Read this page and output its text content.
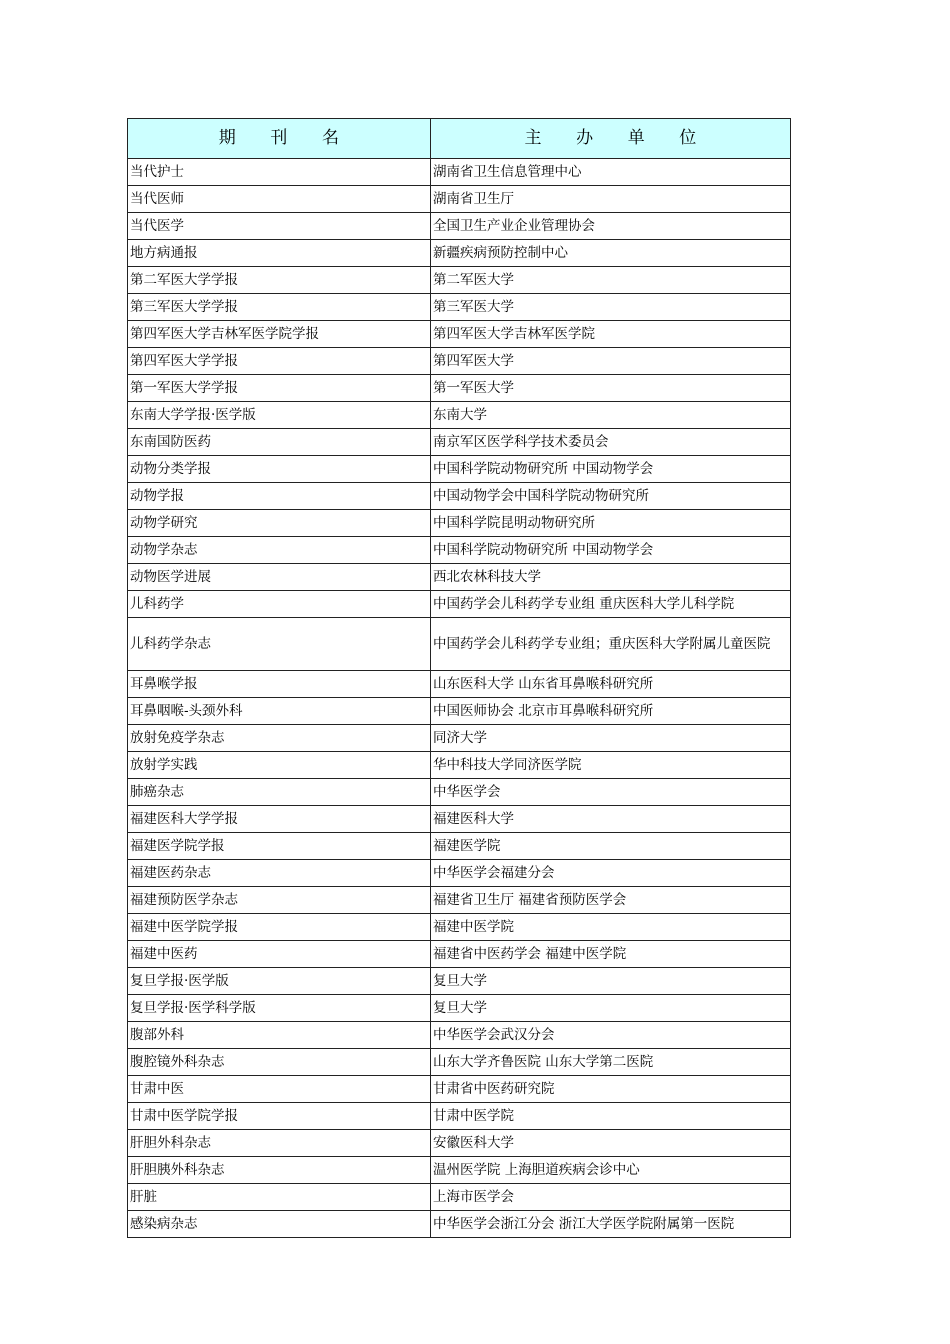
期　　刊　　名	主　　办　　单　　位
当代护士	湖南省卫生信息管理中心
当代医师	湖南省卫生厅
当代医学	全国卫生产业企业管理协会
地方病通报	新疆疾病预防控制中心
第二军医大学学报	第二军医大学
第三军医大学学报	第三军医大学
第四军医大学吉林军医学院学报	第四军医大学吉林军医学院
第四军医大学学报	第四军医大学
第一军医大学学报	第一军医大学
东南大学学报·医学版	东南大学
东南国防医药	南京军区医学科学技术委员会
动物分类学报	中国科学院动物研究所 中国动物学会
动物学报	中国动物学会中国科学院动物研究所
动物学研究	中国科学院昆明动物研究所
动物学杂志	中国科学院动物研究所 中国动物学会
动物医学进展	西北农林科技大学
儿科药学	中国药学会儿科药学专业组 重庆医科大学儿科学院
儿科药学杂志	中国药学会儿科药学专业组；重庆医科大学附属儿童医院
耳鼻喉学报	山东医科大学 山东省耳鼻喉科研究所
耳鼻咽喉-头颈外科	中国医师协会 北京市耳鼻喉科研究所
放射免疫学杂志	同济大学
放射学实践	华中科技大学同济医学院
肺癌杂志	中华医学会
福建医科大学学报	福建医科大学
福建医学院学报	福建医学院
福建医药杂志	中华医学会福建分会
福建预防医学杂志	福建省卫生厅 福建省预防医学会
福建中医学院学报	福建中医学院
福建中医药	福建省中医药学会 福建中医学院
复旦学报·医学版	复旦大学
复旦学报·医学科学版	复旦大学
腹部外科	中华医学会武汉分会
腹腔镜外科杂志	山东大学齐鲁医院 山东大学第二医院
甘肃中医	甘肃省中医药研究院
甘肃中医学院学报	甘肃中医学院
肝胆外科杂志	安徽医科大学
肝胆胰外科杂志	温州医学院 上海胆道疾病会诊中心
肝脏	上海市医学会
感染病杂志	中华医学会浙江分会 浙江大学医学院附属第一医院
